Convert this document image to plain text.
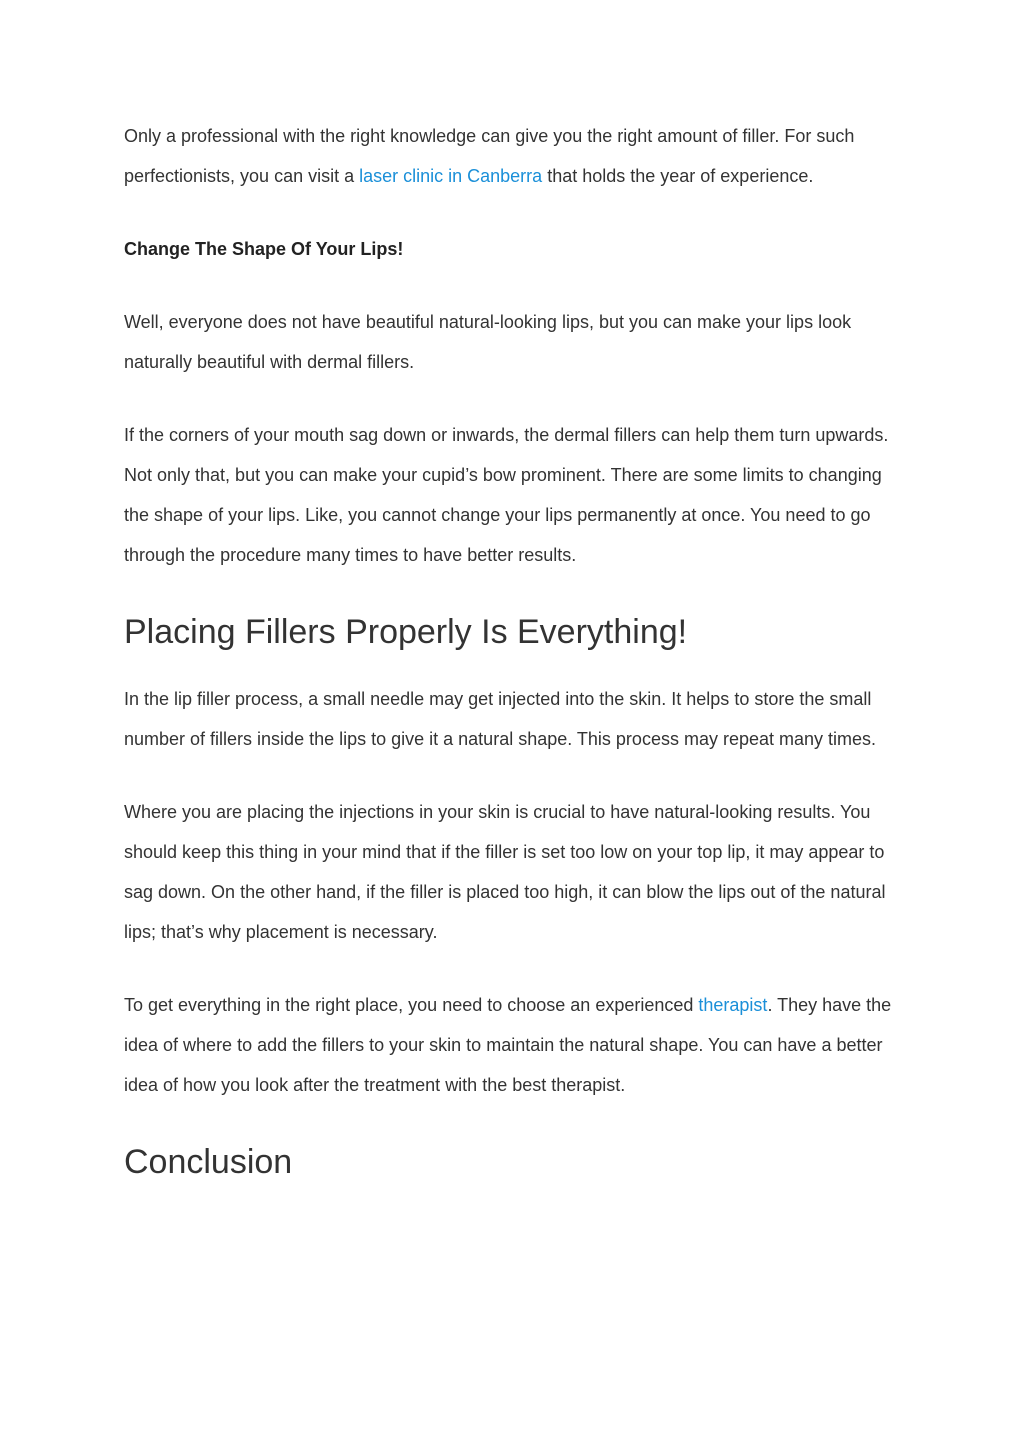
Only a professional with the right knowledge can give you the right amount of filler. For such perfectionists, you can visit a laser clinic in Canberra that holds the year of experience.

Change The Shape Of Your Lips!

Well, everyone does not have beautiful natural-looking lips, but you can make your lips look naturally beautiful with dermal fillers.

If the corners of your mouth sag down or inwards, the dermal fillers can help them turn upwards. Not only that, but you can make your cupid’s bow prominent. There are some limits to changing the shape of your lips. Like, you cannot change your lips permanently at once. You need to go through the procedure many times to have better results.

Placing Fillers Properly Is Everything!

In the lip filler process, a small needle may get injected into the skin. It helps to store the small number of fillers inside the lips to give it a natural shape. This process may repeat many times.

Where you are placing the injections in your skin is crucial to have natural-looking results. You should keep this thing in your mind that if the filler is set too low on your top lip, it may appear to sag down. On the other hand, if the filler is placed too high, it can blow the lips out of the natural lips; that’s why placement is necessary.

To get everything in the right place, you need to choose an experienced therapist. They have the idea of where to add the fillers to your skin to maintain the natural shape. You can have a better idea of how you look after the treatment with the best therapist.

Conclusion
